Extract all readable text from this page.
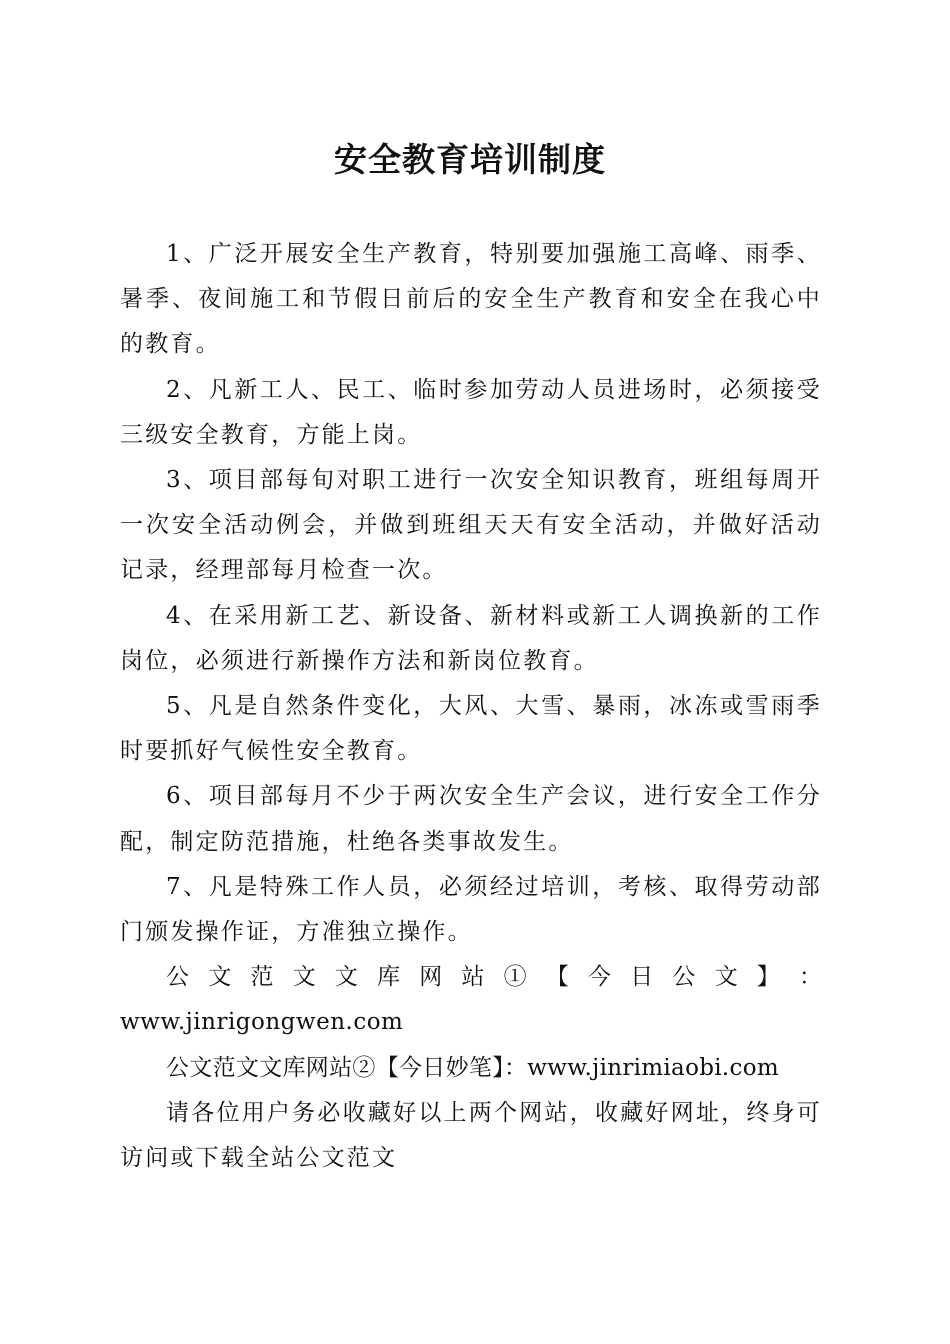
安全教育培训制度

1、广泛开展安全生产教育，特别要加强施工高峰、雨季、暑季、夜间施工和节假日前后的安全生产教育和安全在我心中的教育。

2、凡新工人、民工、临时参加劳动人员进场时，必须接受三级安全教育，方能上岗。

3、项目部每旬对职工进行一次安全知识教育，班组每周开一次安全活动例会，并做到班组天天有安全活动，并做好活动记录，经理部每月检查一次。

4、在采用新工艺、新设备、新材料或新工人调换新的工作岗位，必须进行新操作方法和新岗位教育。

5、凡是自然条件变化，大风、大雪、暴雨，冰冻或雪雨季时要抓好气候性安全教育。

6、项目部每月不少于两次安全生产会议，进行安全工作分配，制定防范措施，杜绝各类事故发生。

7、凡是特殊工作人员，必须经过培训，考核、取得劳动部门颁发操作证，方准独立操作。

公 文 范 文 文 库 网 站 ① 【 今 日 公 文 】 ：
www.jinrigongwen.com

公文范文文库网站②【今日妙笔】：www.jinrimiaobi.com

请各位用户务必收藏好以上两个网站，收藏好网址，终身可访问或下载全站公文范文
